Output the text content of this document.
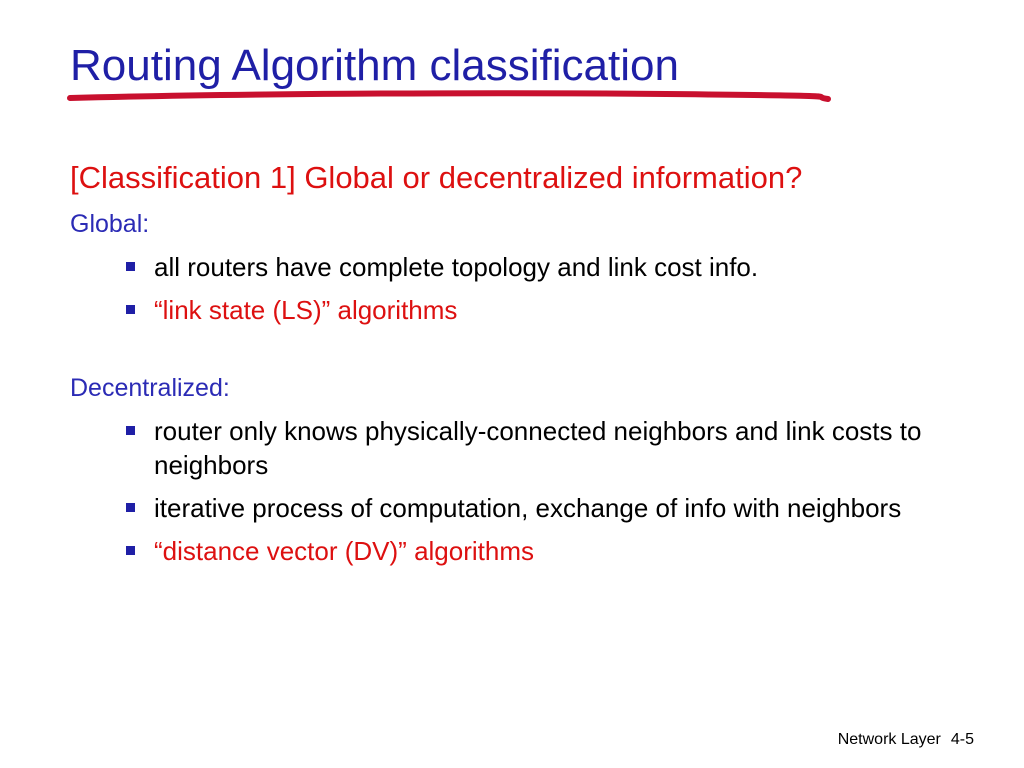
Routing Algorithm classification
[Classification 1] Global or decentralized information?
Global:
all routers have complete topology and link cost info.
“link state (LS)” algorithms
Decentralized:
router only knows physically-connected neighbors and link costs to neighbors
iterative process of computation, exchange of info with neighbors
“distance vector (DV)” algorithms
Network Layer 4-5
